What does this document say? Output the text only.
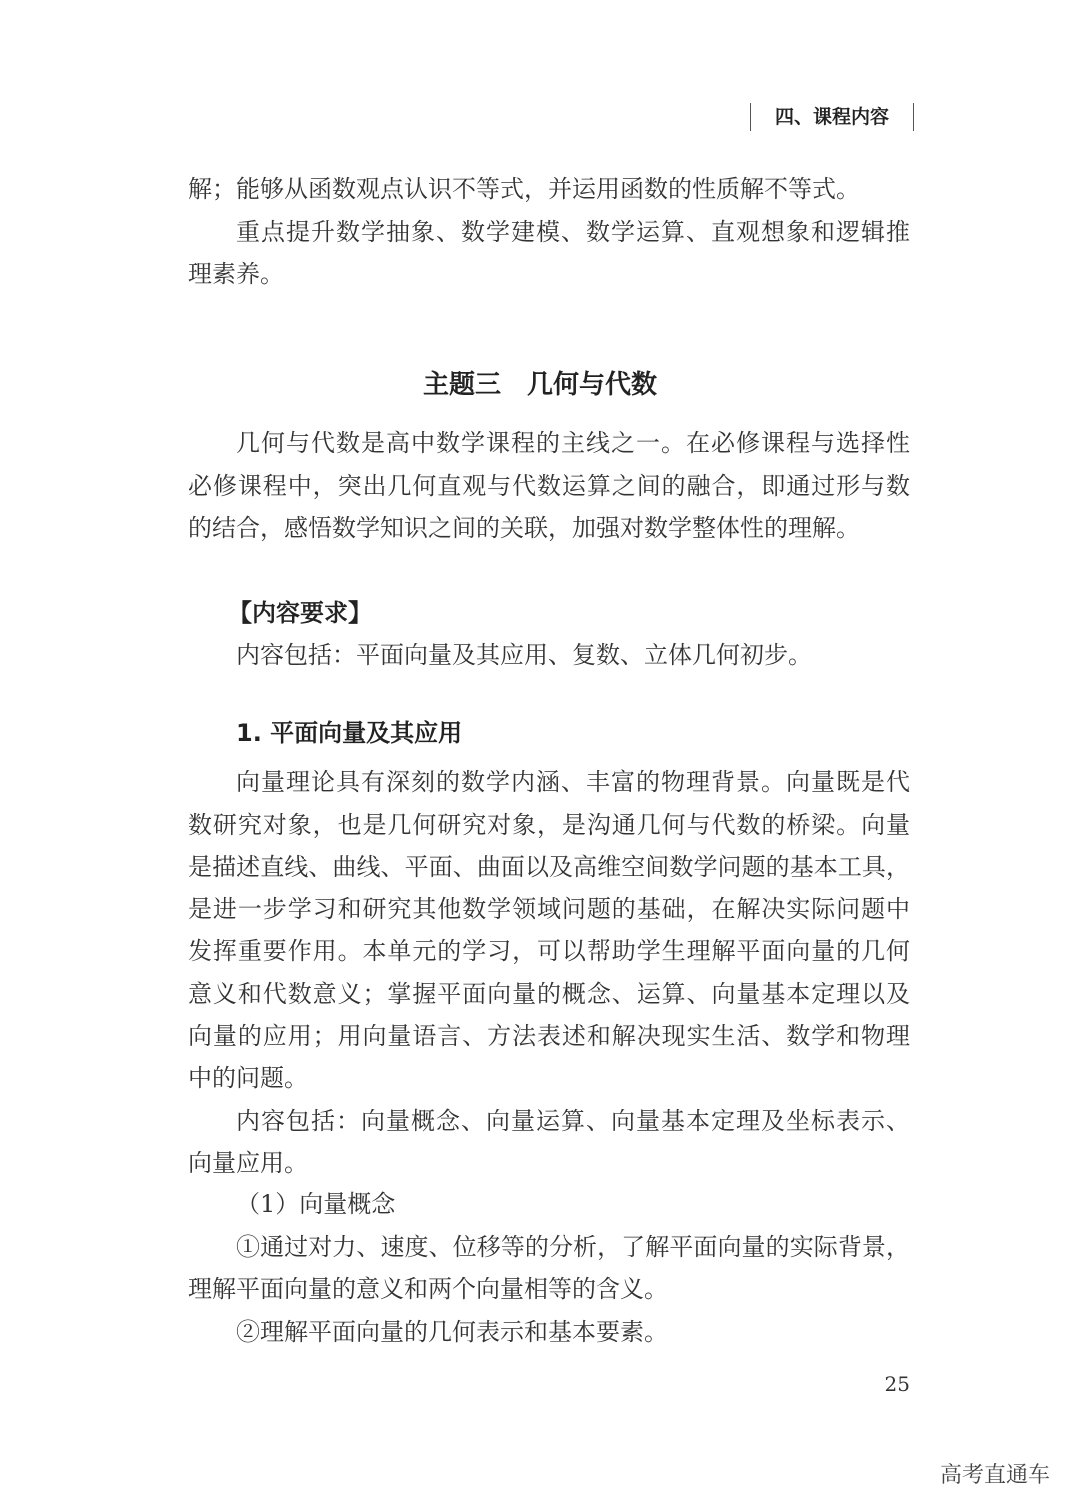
四、课程内容
解；能够从函数观点认识不等式，并运用函数的性质解不等式。
重点提升数学抽象、数学建模、数学运算、直观想象和逻辑推
理素养。
主题三　几何与代数
几何与代数是高中数学课程的主线之一。在必修课程与选择性
必修课程中，突出几何直观与代数运算之间的融合，即通过形与数
的结合，感悟数学知识之间的关联，加强对数学整体性的理解。
【内容要求】
内容包括：平面向量及其应用、复数、立体几何初步。
1. 平面向量及其应用
向量理论具有深刻的数学内涵、丰富的物理背景。向量既是代
数研究对象，也是几何研究对象，是沟通几何与代数的桥梁。向量
是描述直线、曲线、平面、曲面以及高维空间数学问题的基本工具，
是进一步学习和研究其他数学领域问题的基础，在解决实际问题中
发挥重要作用。本单元的学习，可以帮助学生理解平面向量的几何
意义和代数意义；掌握平面向量的概念、运算、向量基本定理以及
向量的应用；用向量语言、方法表述和解决现实生活、数学和物理
中的问题。
内容包括：向量概念、向量运算、向量基本定理及坐标表示、
向量应用。
（1）向量概念
①通过对力、速度、位移等的分析，了解平面向量的实际背景，
理解平面向量的意义和两个向量相等的含义。
②理解平面向量的几何表示和基本要素。
25
高考直通车
